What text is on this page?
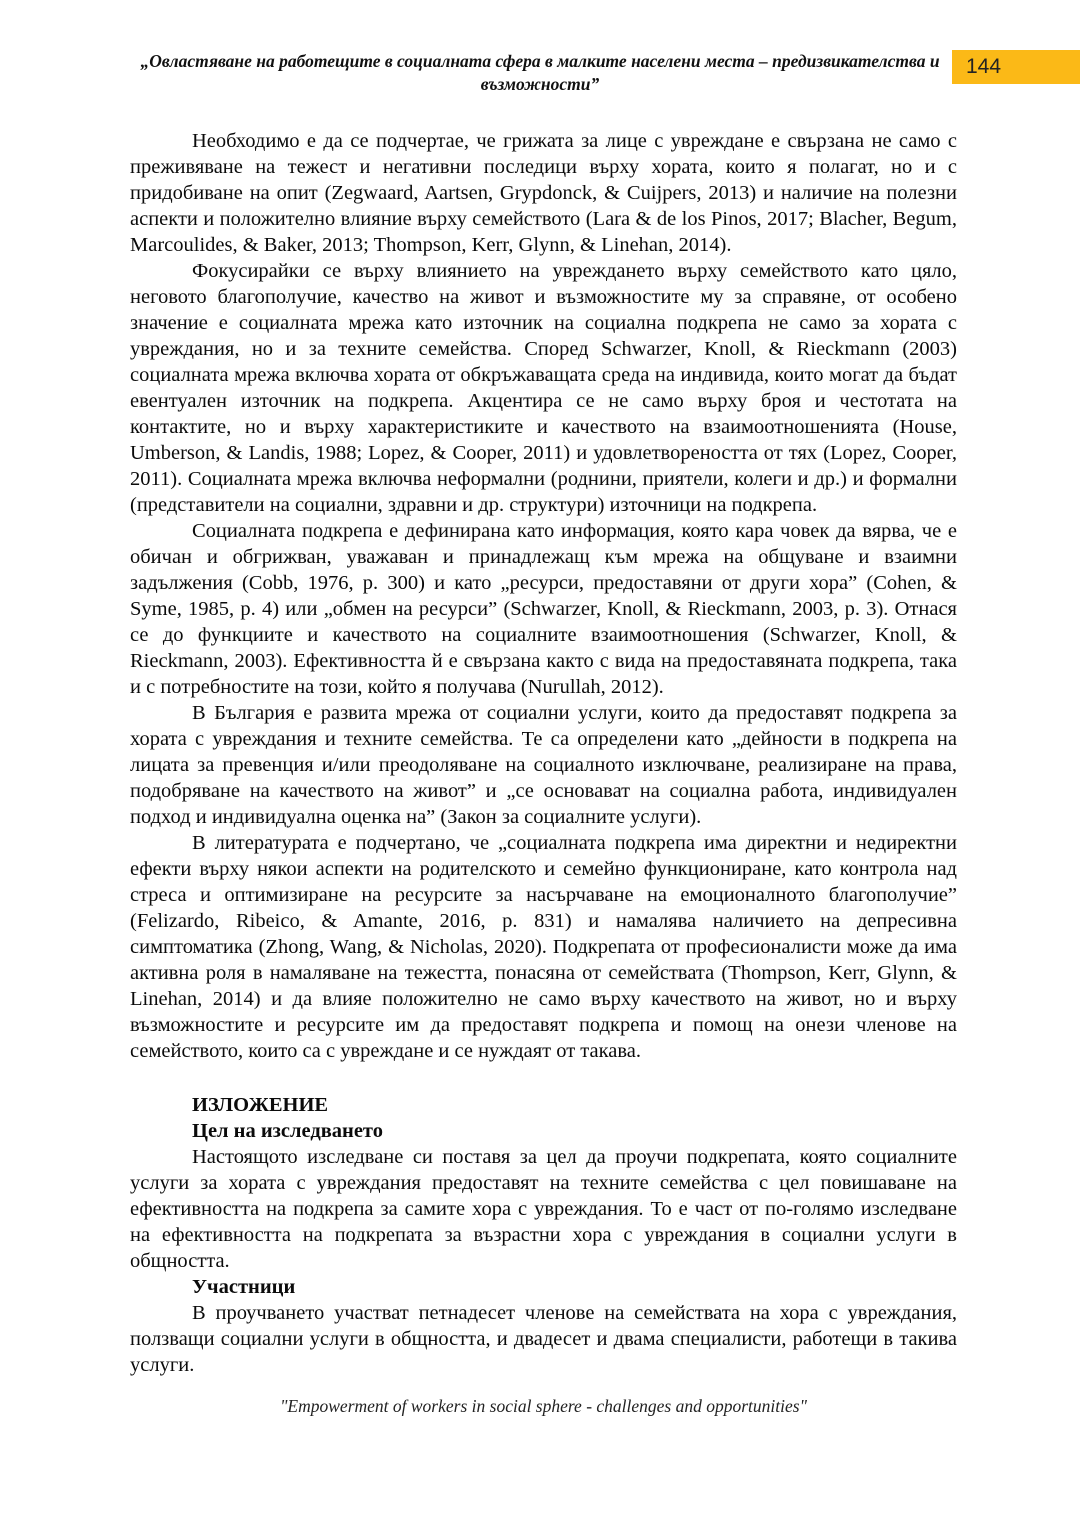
„Овластяване на работещите в социалната сфера в малките населени места – предизвикателства и възможности”
144

Необходимо е да се подчертае, че грижата за лице с увреждане е свързана не само с преживяване на тежест и негативни последици върху хората, които я полагат, но и с придобиване на опит (Zegwaard, Aartsen, Grypdonck, & Cuijpers, 2013) и наличие на полезни аспекти и положително влияние върху семейството (Lara & de los Pinos, 2017; Blacher, Begum, Marcoulides, & Baker, 2013; Thompson, Kerr, Glynn, & Linehan, 2014).

Фокусирайки се върху влиянието на увреждането върху семейството като цяло, неговото благополучие, качество на живот и възможностите му за справяне, от особено значение е социалната мрежа като източник на социална подкрепа не само за хората с увреждания, но и за техните семейства. Според Schwarzer, Knoll, & Rieckmann (2003) социалната мрежа включва хората от обкръжаващата среда на индивида, които могат да бъдат евентуален източник на подкрепа. Акцентира се не само върху броя и честотата на контактите, но и върху характеристиките и качеството на взаимоотношенията (House, Umberson, & Landis, 1988; Lopez, & Cooper, 2011) и удовлетвореността от тях (Lopez, Cooper, 2011). Социалната мрежа включва неформални (роднини, приятели, колеги и др.) и формални (представители на социални, здравни и др. структури) източници на подкрепа.

Социалната подкрепа е дефинирана като информация, която кара човек да вярва, че е обичан и обгрижван, уважаван и принадлежащ към мрежа на общуване и взаимни задължения (Cobb, 1976, p. 300) и като „ресурси, предоставяни от други хора” (Cohen, & Syme, 1985, p. 4) или „обмен на ресурси” (Schwarzer, Knoll, & Rieckmann, 2003, p. 3). Отнася се до функциите и качеството на социалните взаимоотношения (Schwarzer, Knoll, & Rieckmann, 2003). Ефективността й е свързана както с вида на предоставяната подкрепа, така и с потребностите на този, който я получава (Nurullah, 2012).

В България е развита мрежа от социални услуги, които да предоставят подкрепа за хората с увреждания и техните семейства. Те са определени като „дейности в подкрепа на лицата за превенция и/или преодоляване на социалното изключване, реализиране на права, подобряване на качеството на живот” и „се основават на социална работа, индивидуален подход и индивидуална оценка на” (Закон за социалните услуги).

В литературата е подчертано, че „социалната подкрепа има директни и недиректни ефекти върху някои аспекти на родителското и семейно функциониране, като контрола над стреса и оптимизиране на ресурсите за насърчаване на емоционалното благополучие” (Felizardo, Ribeico, & Amante, 2016, p. 831) и намалява наличието на депресивна симптоматика (Zhong, Wang, & Nicholas, 2020). Подкрепата от професионалисти може да има активна роля в намаляване на тежестта, понасяна от семействата (Thompson, Kerr, Glynn, & Linehan, 2014) и да влияе положително не само върху качеството на живот, но и върху възможностите и ресурсите им да предоставят подкрепа и помощ на онези членове на семейството, които са с увреждане и се нуждаят от такава.

ИЗЛОЖЕНИЕ

Цел на изследването

Настоящото изследване си поставя за цел да проучи подкрепата, която социалните услуги за хората с увреждания предоставят на техните семейства с цел повишаване на ефективността на подкрепа за самите хора с увреждания. То е част от по-голямо изследване на ефективността на подкрепата за възрастни хора с увреждания в социални услуги в общността.

Участници

В проучването участват петнадесет членове на семействата на хора с увреждания, ползващи социални услуги в общността, и двадесет и двама специалисти, работещи в такива услуги.

"Empowerment of workers in social sphere - challenges and opportunities"
